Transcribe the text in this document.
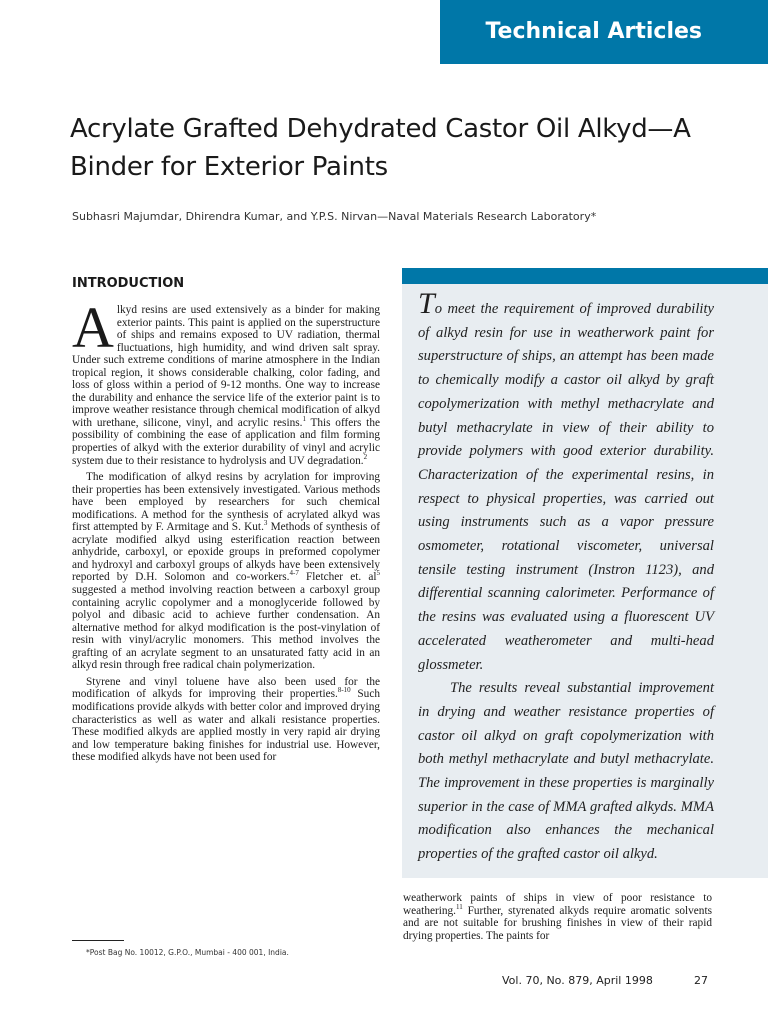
Technical Articles
Acrylate Grafted Dehydrated Castor Oil Alkyd—A Binder for Exterior Paints
Subhasri Majumdar, Dhirendra Kumar, and Y.P.S. Nirvan—Naval Materials Research Laboratory*
INTRODUCTION

Alkyd resins are used extensively as a binder for making exterior paints. This paint is applied on the superstructure of ships and remains exposed to UV radiation, thermal fluctuations, high humidity, and wind driven salt spray. Under such extreme conditions of marine atmosphere in the Indian tropical region, it shows considerable chalking, color fading, and loss of gloss within a period of 9-12 months. One way to increase the durability and enhance the service life of the exterior paint is to improve weather resistance through chemical modification of alkyd with urethane, silicone, vinyl, and acrylic resins.$^1$ This offers the possibility of combining the ease of application and film forming properties of alkyd with the exterior durability of vinyl and acrylic system due to their resistance to hydrolysis and UV degradation.$^2$

The modification of alkyd resins by acrylation for improving their properties has been extensively investigated. Various methods have been employed by researchers for such chemical modifications. A method for the synthesis of acrylated alkyd was first attempted by F. Armitage and S. Kut.$^3$ Methods of synthesis of acrylate modified alkyd using esterification reaction between anhydride, carboxyl, or epoxide groups in preformed copolymer and hydroxyl and carboxyl groups of alkyds have been extensively reported by D.H. Solomon and co-workers.$^{4-7}$ Fletcher et. $al^5$ suggested a method involving reaction between a carboxyl group containing acrylic copolymer and a monoglyceride followed by polyol and dibasic acid to achieve further condensation. An alternative method for alkyd modification is the post-vinylation of resin with vinyl/acrylic monomers. This method involves the grafting of an acrylate segment to an unsaturated fatty acid in an alkyd resin through free radical chain polymerization.

Styrene and vinyl toluene have also been used for the modification of alkyds for improving their properties.$^{8-10}$ Such modifications provide alkyds with better color and improved drying characteristics as well as water and alkali resistance properties. These modified alkyds are applied mostly in very rapid air drying and low temperature baking finishes for industrial use. However, these modified alkyds have not been used for

*Post Bag No. 10012, G.P.O., Mumbai - 400 001, India.

To meet the requirement of improved durability of alkyd resin for use in weatherwork paint for superstructure of ships, an attempt has been made to chemically modify a castor oil alkyd by graft copolymerization with methyl methacrylate and butyl methacrylate in view of their ability to provide polymers with good exterior durability. Characterization of the experimental resins, in respect to physical properties, was carried out using instruments such as a vapor pressure osmometer, rotational viscometer, universal tensile testing instrument (Instron 1123), and differential scanning calorimeter. Performance of the resins was evaluated using a fluorescent UV accelerated weatherometer and multi-head glossmeter.

The results reveal substantial improvement in drying and weather resistance properties of castor oil alkyd on graft copolymerization with both methyl methacrylate and butyl methacrylate. The improvement in these properties is marginally superior in the case of MMA grafted alkyds. MMA modification also enhances the mechanical properties of the grafted castor oil alkyd.

weatherwork paints of ships in view of poor resistance to weathering.$^{11}$ Further, styrenated alkyds require aromatic solvents and are not suitable for brushing finishes in view of their rapid drying properties. The paints for

Vol. 70, No. 879, April 1998	27
